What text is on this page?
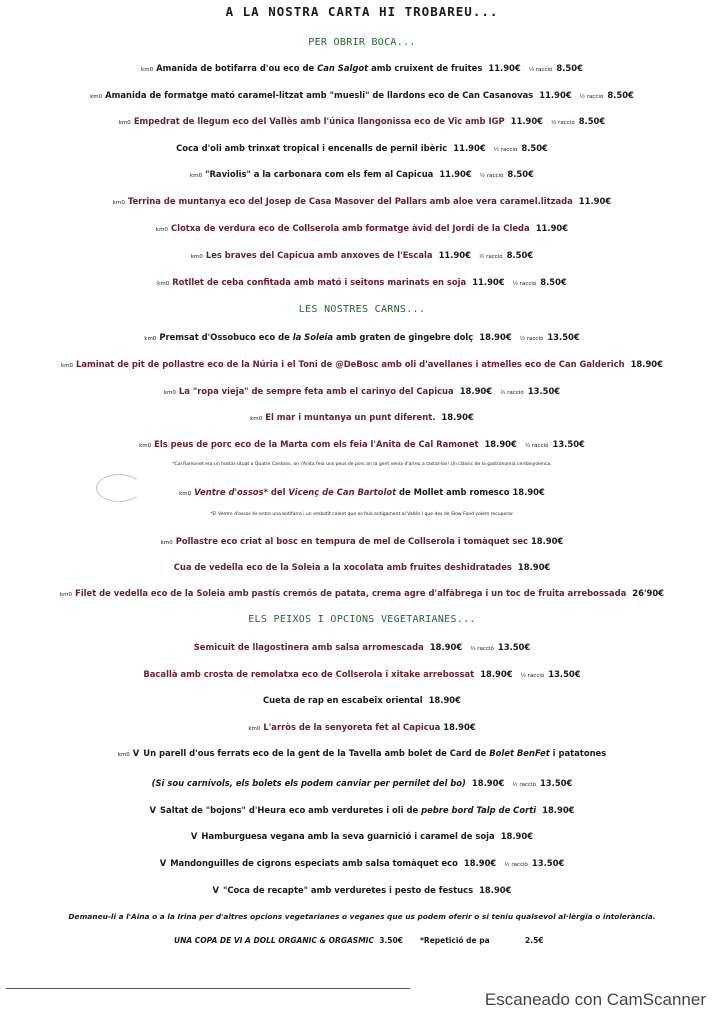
A LA NOSTRA CARTA HI TROBAREU...
PER OBRIR BOCA...
km0 Amanida de botifarra d'ou eco de Can Salgot amb cruixent de fruites 11.90€ ½ racció 8.50€
km0 Amanida de formatge mató caramel-litzat amb "muesli" de llardons eco de Can Casanovas 11.90€ ½ racció 8.50€
km0 Empedrat de llegum eco del Vallès amb l'única llangonissa eco de Vic amb IGP 11.90€ ½ racció 8.50€
Coca d'oli amb trinxat tropical i encenalls de pernil ibèric 11.90€ ½ racció 8.50€
km0 "Raviolis" a la carbonara com els fem al Capicua 11.90€ ½ racció 8.50€
km0 Terrina de muntanya eco del Josep de Casa Masover del Pallars amb aloe vera caramel.litzada 11.90€
km0 Clotxa de verdura eco de Collserola amb formatge àvid del Jordi de la Cleda 11.90€
km0 Les braves del Capicua amb anxoves de l'Escala 11.90€ ½ racció 8.50€
km0 Rotllet de ceba confitada amb mató i seitons marinats en soja 11.90€ ½ racció 8.50€
LES NOSTRES CARNS...
km0 Premsat d'Ossobuco eco de la Soleia amb graten de gingebre dolç 18.90€ ½ racció 13.50€
km0 Laminat de pit de pollastre eco de la Núria i el Toni de @DeBosc amb oli d'avellanes i atmelles eco de Can Galderich 18.90€
km0 La "ropa vieja" de sempre feta amb el carinyo del Capicua 18.90€ ½ racció 13.50€
km0 El mar i muntanya un punt diferent. 18.90€
km0 Els peus de porc eco de la Marta com els feia l'Anita de Cal Ramonet 18.90€ ½ racció 13.50€
*Cal Ramonet era un hostal situat a Quatre Cantons, on l'Anita feia uns peus de porc on la gent venia d'arreu a tastar-los! Un clàssic de la gastronomia cerdanyolenca.
km0 Ventre d'ossos* del Vicenç de Can Bartolot de Mollet amb romesco 18.90€
*El Ventre d'ossos és entre una botifarra i un embotit calent que es feia antigament al Vallès i que des de Slow Food volem recuperar.
km0 Pollastre eco criat al bosc en tempura de mel de Collserola i tomàquet sec 18.90€
Cua de vedella eco de la Soleia a la xocolata amb fruites deshidratades 18.90€
km0 Filet de vedella eco de la Soleia amb pastís cremós de patata, crema agre d'alfàbrega i un toc de fruita arrebossada 26'90€
ELS PEIXOS I OPCIONS VEGETARIANES...
Semicuit de llagostinera amb salsa arromescada 18.90€ ½ racció 13.50€
Bacallà amb crosta de remolatxa eco de Collserola i xitake arrebossat 18.90€ ½ racció 13.50€
Cueta de rap en escabeix oriental 18.90€
km0 L'arròs de la senyoreta fet al Capicua 18.90€
km0 V Un parell d'ous ferrats eco de la gent de la Tavella amb bolet de Card de Bolet BenFet i patatones
(Si sou carnívols, els bolets els podem canviar per pernilet del bo) 18.90€ ½ racció 13.50€
V Saltat de "bojons" d'Heura eco amb verduretes i oli de pebre bord Talp de Corti 18.90€
V Hamburguesa vegana amb la seva guarnició i caramel de soja 18.90€
V Mandonguilles de cigrons especiats amb salsa tomàquet eco 18.90€ ½ racció 13.50€
V "Coca de recapte" amb verduretes i pesto de festucs 18.90€
Demaneu-li a l'Aina o a la Irina per d'altres opcions vegetarianes o veganes que us podem oferir o si teniu qualsevol al·lèrgia o intolerància.
UNA COPA DE VI A DOLL ORGANIC & ORGASMIC 3.50€ *Repetició de pa	2.5€
Escaneado con CamScanner
